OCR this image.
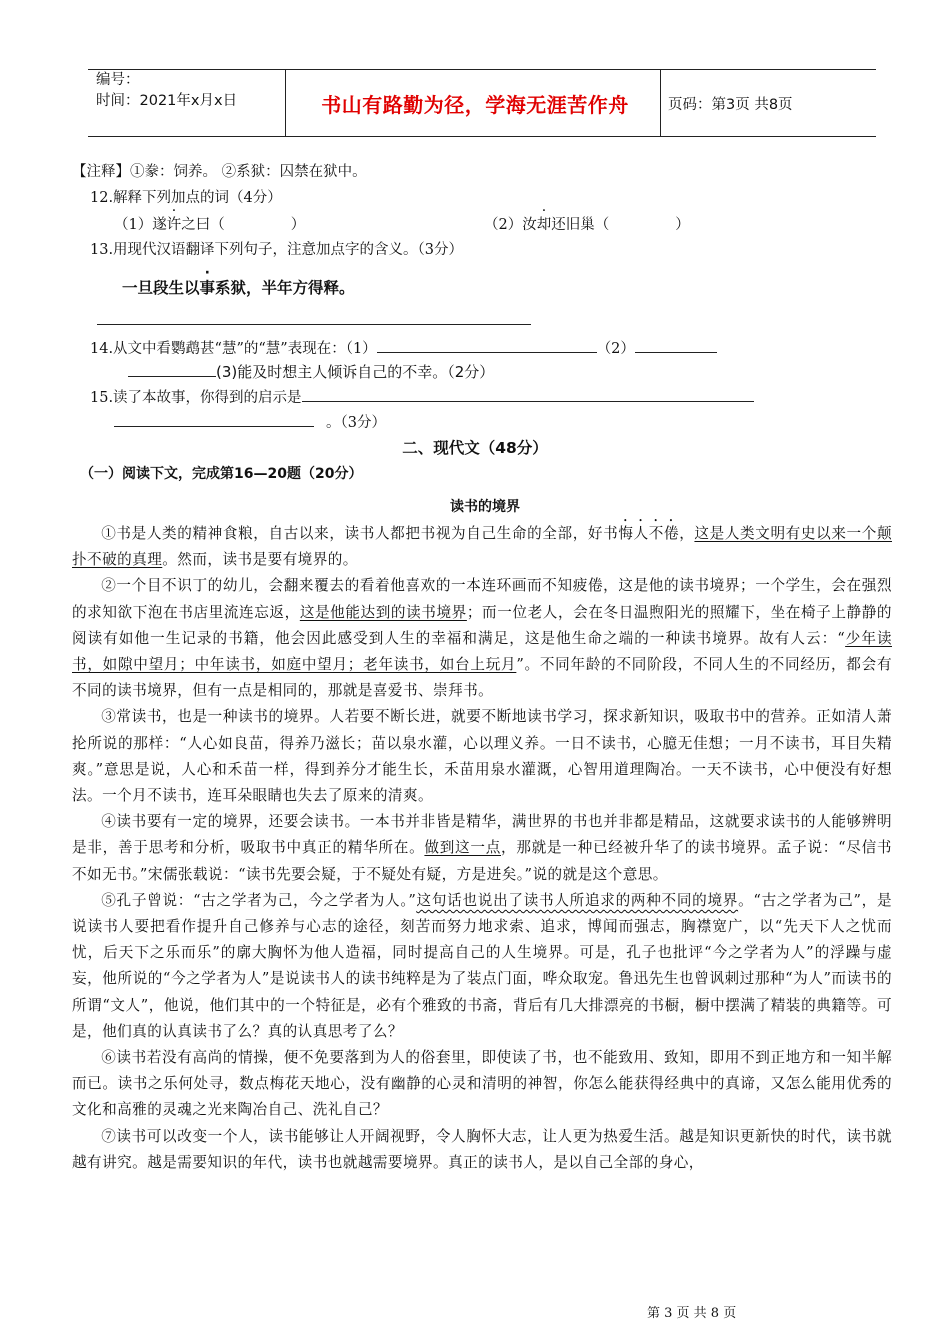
编号：
时间：2021年x月x日	书山有路勤为径，学海无涯苦作舟	页码：第3页 共8页
【注释】①豢：饲养。 ②系狱：囚禁在狱中。
12.解释下列加点的词（4分）
（1）遂许之曰（	）	（2）汝却还旧巢（	）
13.用现代汉语翻译下列句子，注意加点字的含义。（3分）
一旦段生以事系狱，半年方得释。
14.从文中看鹦鹉甚“慧”的“慧”表现在：（1）	（2）
(3)能及时想主人倾诉自己的不幸。（2分）
15.读了本故事，你得到的启示是
。（3分）
二、现代文（48分）
（一）阅读下文，完成第16—20题（20分）
读书的境界

①书是人类的精神食粮，自古以来，读书人都把书视为自己生命的全部，好书悔人不倦，这是人类文明有史以来一个颠扑不破的真理。然而，读书是要有境界的。

②一个目不识丁的幼儿，会翻来覆去的看着他喜欢的一本连环画而不知疲倦，这是他的读书境界；一个学生，会在强烈的求知欲下泡在书店里流连忘返，这是他能达到的读书境界；而一位老人，会在冬日温煦阳光的照耀下，坐在椅子上静静的阅读有如他一生记录的书籍，他会因此感受到人生的幸福和满足，这是他生命之端的一种读书境界。故有人云：“少年读书，如隙中望月；中年读书，如庭中望月；老年读书，如台上玩月”。不同年龄的不同阶段，不同人生的不同经历，都会有不同的读书境界，但有一点是相同的，那就是喜爱书、崇拜书。

③常读书，也是一种读书的境界。人若要不断长进，就要不断地读书学习，探求新知识，吸取书中的营养。正如清人萧抡所说的那样：“人心如良苗，得养乃滋长；苗以泉水灌，心以理义养。一日不读书，心臆无佳想；一月不读书，耳目失精爽。”意思是说，人心和禾苗一样，得到养分才能生长，禾苗用泉水灌溉，心智用道理陶冶。一天不读书，心中便没有好想法。一个月不读书，连耳朵眼睛也失去了原来的清爽。

④读书要有一定的境界，还要会读书。一本书并非皆是精华，满世界的书也并非都是精品，这就要求读书的人能够辨明是非，善于思考和分析，吸取书中真正的精华所在。做到这一点，那就是一种已经被升华了的读书境界。孟子说：“尽信书不如无书。”宋儒张载说：“读书先要会疑，于不疑处有疑，方是进矣。”说的就是这个意思。

⑤孔子曾说：“古之学者为己，今之学者为人。”这句话也说出了读书人所追求的两种不同的境界。“古之学者为己”，是说读书人要把看作提升自己修养与心志的途径，刻苦而努力地求索、追求，博闻而强志，胸襟宽广，以“先天下人之忧而忧，后天下之乐而乐”的廓大胸怀为他人造福，同时提高自己的人生境界。可是，孔子也批评“今之学者为人”的浮躁与虚妄，他所说的“今之学者为人”是说读书人的读书纯粹是为了装点门面，哗众取宠。鲁迅先生也曾讽刺过那种“为人”而读书的所谓“文人”，他说，他们其中的一个特征是，必有个雅致的书斋，背后有几大排漂亮的书橱，橱中摆满了精装的典籍等。可是，他们真的认真读书了么？真的认真思考了么？

⑥读书若没有高尚的情操，便不免要落到为人的俗套里，即使读了书，也不能致用、致知，即用不到正地方和一知半解而已。读书之乐何处寻，数点梅花天地心，没有幽静的心灵和清明的神智，你怎么能获得经典中的真谛，又怎么能用优秀的文化和高雅的灵魂之光来陶冶自己、洗礼自己？

⑦读书可以改变一个人，读书能够让人开阔视野，令人胸怀大志，让人更为热爱生活。越是知识更新快的时代，读书就越有讲究。越是需要知识的年代，读书也就越需要境界。真正的读书人，是以自己全部的身心，

第 3 页 共 8 页
